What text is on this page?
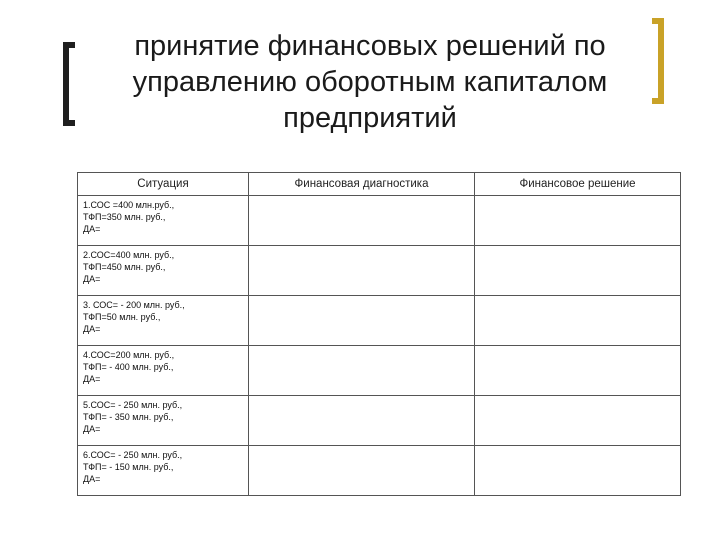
принятие финансовых решений по
управлению оборотным капиталом
предприятий
Ситуация	Финансовая диагностика	Финансовое решение

1.СОС =400 млн.руб.,
ТФП=350 млн. руб.,
ДА=		

2.СОС=400 млн. руб.,
ТФП=450 млн. руб.,
ДА=		

3. СОС= - 200 млн. руб.,
ТФП=50 млн. руб.,
ДА=		

4.СОС=200 млн. руб.,
ТФП= - 400 млн. руб.,
ДА=		

5.СОС= - 250 млн. руб.,
ТФП= - 350 млн. руб.,
ДА=		

6.СОС= - 250 млн. руб.,
ТФП= - 150 млн. руб.,
ДА=		
